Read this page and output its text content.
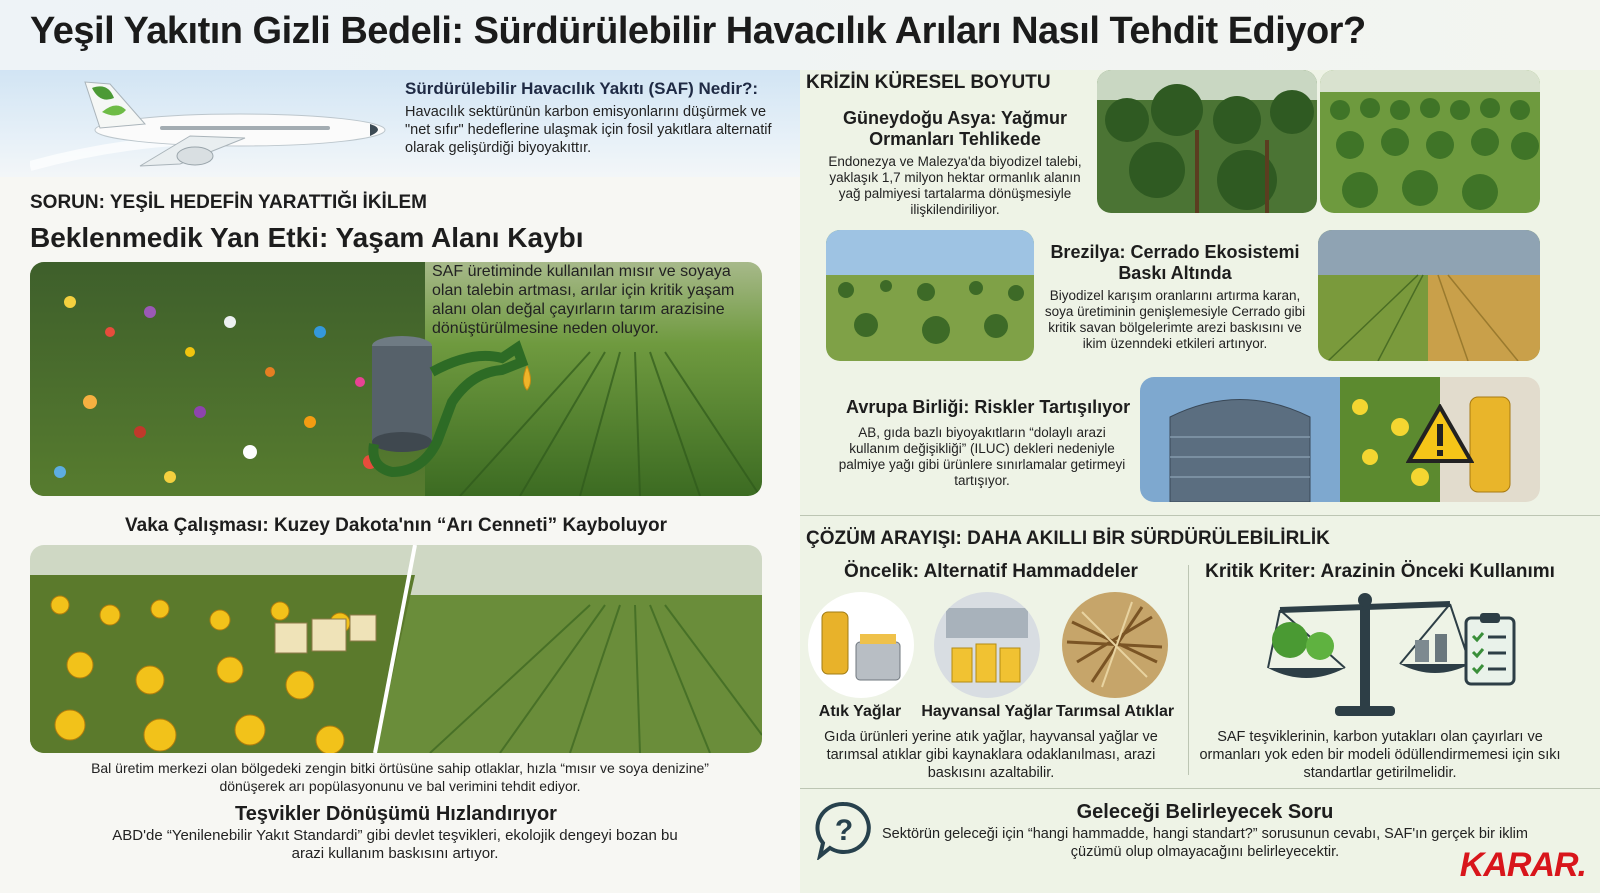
Yeşil Yakıtın Gizli Bedeli: Sürdürülebilir Havacılık Arıları Nasıl Tehdit Ediyor?
Sürdürülebilir Havacılık Yakıtı (SAF) Nedir?:
Havacılık sektürünün karbon emisyonlarını düşürmek ve "net sıfır" hedeflerine ulaşmak için fosil yakıtlara alternatif olarak gelişürdiği biyoyakıttır.
SORUN: YEŞİL HEDEFİN YARATTIĞI İKİLEM
Beklenmedik Yan Etki: Yaşam Alanı Kaybı
SAF üretiminde kullanılan mısır ve soyaya olan talebin artması, arılar için kritik yaşam alanı olan değal çayırların tarım arazisine dönüştürülmesine neden oluyor.
Vaka Çalışması: Kuzey Dakota'nın “Arı Cenneti” Kayboluyor
Bal üretim merkezi olan bölgedeki zengin bitki örtüsüne sahip otlaklar, hızla “mısır ve soya denizine” dönüşerek arı popülasyonunu ve bal verimini tehdit ediyor.
Teşvikler Dönüşümü Hızlandırıyor
ABD'de “Yenilenebilir Yakıt Standardi” gibi devlet teşvikleri, ekolojik dengeyi bozan bu arazi kullanım baskısını artıyor.
KRİZİN KÜRESEL BOYUTU
Güneydoğu Asya: Yağmur Ormanları Tehlikede
Endonezya ve Malezya'da biyodizel talebi, yaklaşık 1,7 milyon hektar ormanlık alanın yağ palmiyesi tartalarma dönüşmesiyle ilişkilendiriliyor.
Brezilya: Cerrado Ekosistemi Baskı Altında
Biyodizel karışım oranlarını artırma karan, soya üretiminin genişlemesiyle Cerrado gibi kritik savan bölgelerimte arezi baskısını ve ikim üzenndeki etkileri artınyor.
Avrupa Birliği: Riskler Tartışılıyor
AB, gıda bazlı biyoyakıtların “dolaylı arazi kullanım değişikliği” (ILUC) dekleri nedeniyle palmiye yağı gibi ürünlere sınırlamalar getirmeyi tartışıyor.
ÇÖZÜM ARAYIŞI: DAHA AKILLI BİR SÜRDÜRÜLEBİLİRLİK
Öncelik: Alternatif Hammaddeler
Atık Yağlar	Hayvansal Yağlar Tarımsal Atıklar
Gıda ürünleri yerine atık yağlar, hayvansal yağlar ve tarımsal atıklar gibi kaynaklara odaklanılması, arazi baskısını azaltabilir.
Kritik Kriter: Arazinin Önceki Kullanımı
SAF teşviklerinin, karbon yutakları olan çayırları ve ormanları yok eden bir modeli ödüllendirmemesi için sıkı standartlar getirilmelidir.
?
Geleceği Belirleyecek Soru
Sektörün geleceği için “hangi hammadde, hangi standart?” sorusunun cevabı, SAF'ın gerçek bir iklim çüzümü olup olmayacağını belirleyecektir.	KARAR.
